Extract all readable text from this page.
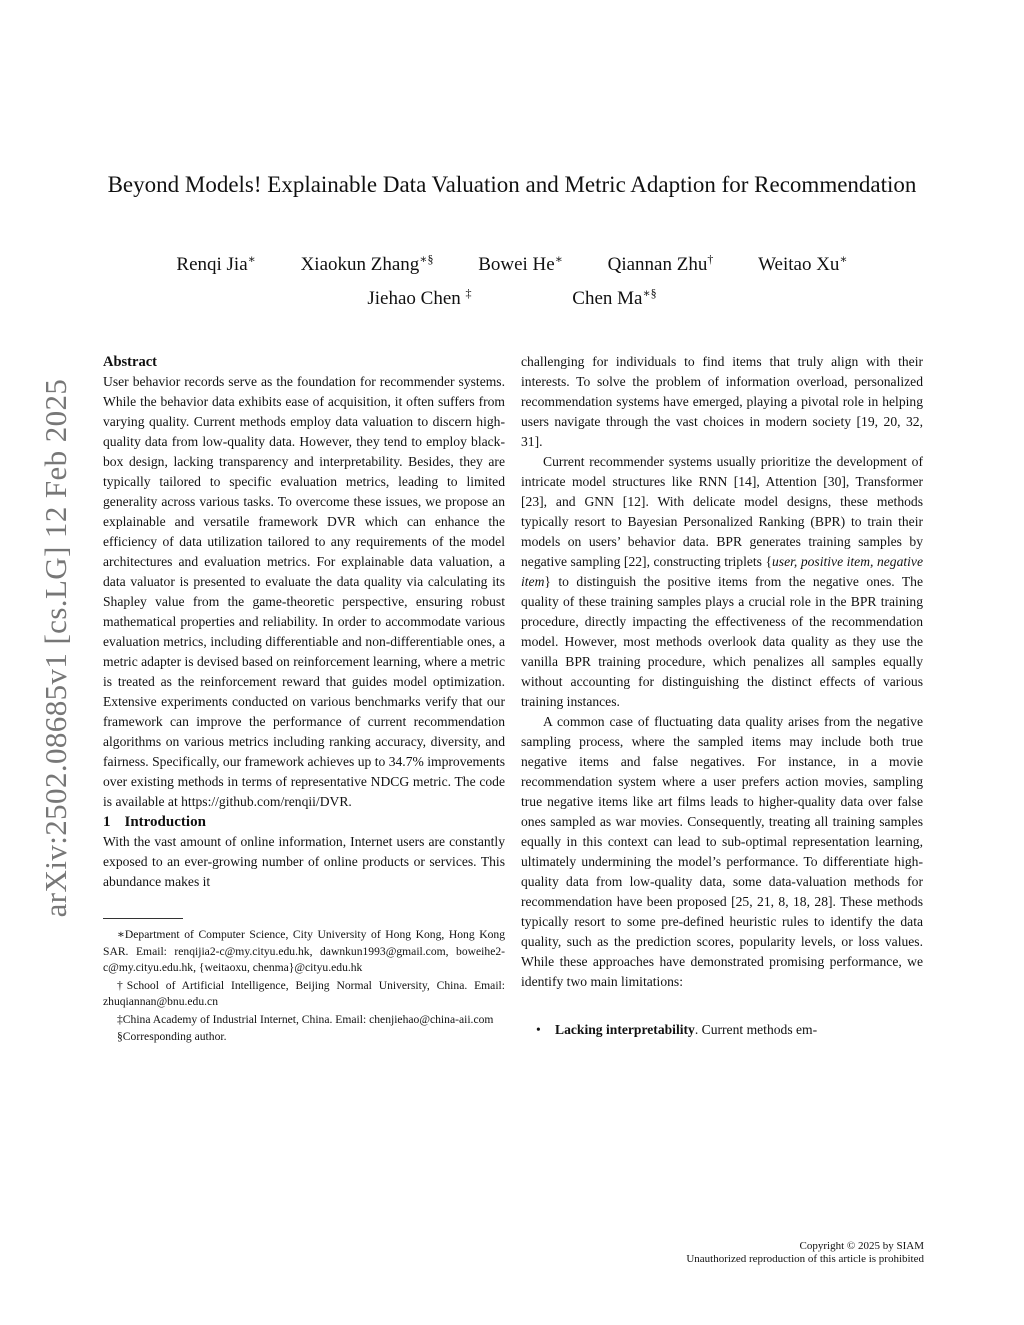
arXiv:2502.08685v1 [cs.LG] 12 Feb 2025
Beyond Models! Explainable Data Valuation and Metric Adaption for Recommendation
Renqi Jia∗ Xiaokun Zhang∗§ Bowei He∗ Qiannan Zhu† Weitao Xu∗
Jiehao Chen ‡	Chen Ma∗§

Abstract

User behavior records serve as the foundation for recommender systems. While the behavior data exhibits ease of acquisition, it often suffers from varying quality. Current methods employ data valuation to discern high-quality data from low-quality data. However, they tend to employ black-box design, lacking transparency and interpretability. Besides, they are typically tailored to specific evaluation metrics, leading to limited generality across various tasks. To overcome these issues, we propose an explainable and versatile framework DVR which can enhance the efficiency of data utilization tailored to any requirements of the model architectures and evaluation metrics. For explainable data valuation, a data valuator is presented to evaluate the data quality via calculating its Shapley value from the game-theoretic perspective, ensuring robust mathematical properties and reliability. In order to accommodate various evaluation metrics, including differentiable and non-differentiable ones, a metric adapter is devised based on reinforcement learning, where a metric is treated as the reinforcement reward that guides model optimization. Extensive experiments conducted on various benchmarks verify that our framework can improve the performance of current recommendation algorithms on various metrics including ranking accuracy, diversity, and fairness. Specifically, our framework achieves up to 34.7% improvements over existing methods in terms of representative NDCG metric. The code is available at https://github.com/renqii/DVR.

1 Introduction

With the vast amount of online information, Internet users are constantly exposed to an ever-growing number of online products or services. This abundance makes it

∗Department of Computer Science, City University of Hong Kong, Hong Kong SAR. Email: renqijia2-c@my.cityu.edu.hk, dawnkun1993@gmail.com, boweihe2-c@my.cityu.edu.hk, {weitaoxu, chenma}@cityu.edu.hk

†School of Artificial Intelligence, Beijing Normal University, China. Email: zhuqiannan@bnu.edu.cn

‡China Academy of Industrial Internet, China. Email: chenjiehao@china-aii.com

§Corresponding author.

challenging for individuals to find items that truly align with their interests. To solve the problem of information overload, personalized recommendation systems have emerged, playing a pivotal role in helping users navigate through the vast choices in modern society [19, 20, 32, 31].

Current recommender systems usually prioritize the development of intricate model structures like RNN [14], Attention [30], Transformer [23], and GNN [12]. With delicate model designs, these methods typically resort to Bayesian Personalized Ranking (BPR) to train their models on users’ behavior data. BPR generates training samples by negative sampling [22], constructing triplets {user, positive item, negative item} to distinguish the positive items from the negative ones. The quality of these training samples plays a crucial role in the BPR training procedure, directly impacting the effectiveness of the recommendation model. However, most methods overlook data quality as they use the vanilla BPR training procedure, which penalizes all samples equally without accounting for distinguishing the distinct effects of various training instances.

A common case of fluctuating data quality arises from the negative sampling process, where the sampled items may include both true negative items and false negatives. For instance, in a movie recommendation system where a user prefers action movies, sampling true negative items like art films leads to higher-quality data over false ones sampled as war movies. Consequently, treating all training samples equally in this context can lead to sub-optimal representation learning, ultimately undermining the model’s performance. To differentiate high-quality data from low-quality data, some data-valuation methods for recommendation have been proposed [25, 21, 8, 18, 28]. These methods typically resort to some pre-defined heuristic rules to identify the data quality, such as the prediction scores, popularity levels, or loss values. While these approaches have demonstrated promising performance, we identify two main limitations:

• Lacking interpretability. Current methods em-
Copyright © 2025 by SIAM
Unauthorized reproduction of this article is prohibited
